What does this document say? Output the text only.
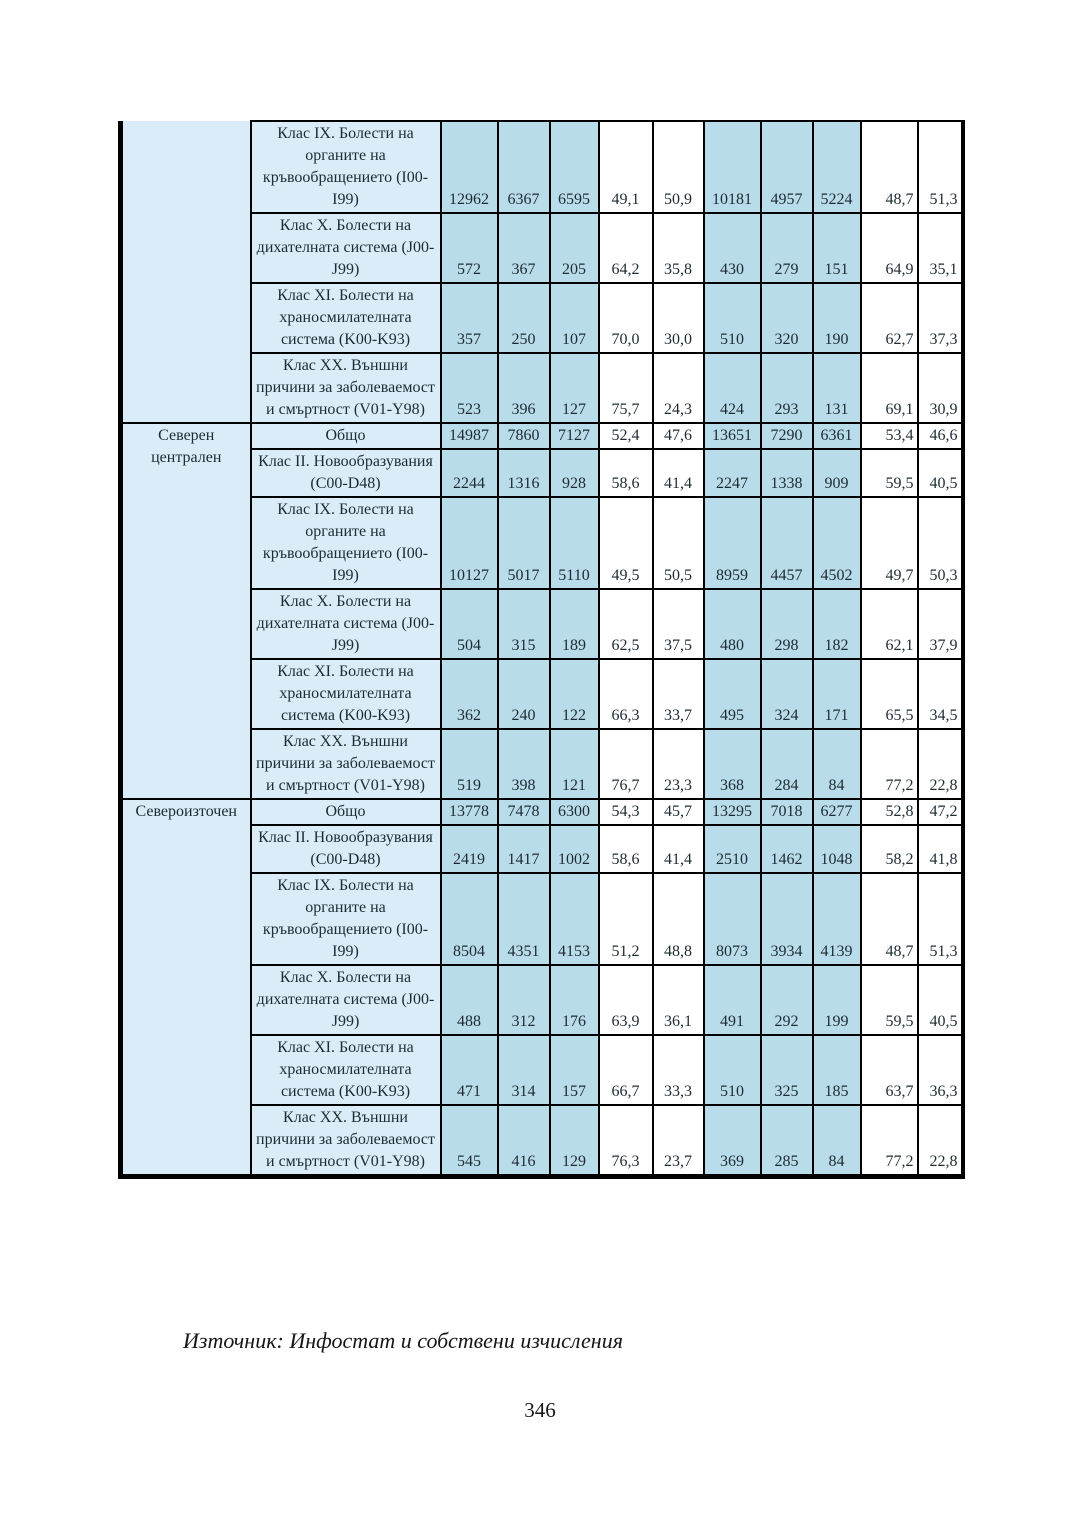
	Клас IX. Болести на органите на кръвообращението (I00-I99)	12962	6367	6595	49,1	50,9	10181	4957	5224	48,7	51,3
	Клас X. Болести на дихателната система (J00-J99)	572	367	205	64,2	35,8	430	279	151	64,9	35,1
	Клас XI. Болести на храносмилателната система (K00-K93)	357	250	107	70,0	30,0	510	320	190	62,7	37,3
	Клас XX. Външни причини за заболеваемост и смъртност (V01-Y98)	523	396	127	75,7	24,3	424	293	131	69,1	30,9
Северен централен	Общо	14987	7860	7127	52,4	47,6	13651	7290	6361	53,4	46,6
	Клас II. Новообразувания (C00-D48)	2244	1316	928	58,6	41,4	2247	1338	909	59,5	40,5
	Клас IX. Болести на органите на кръвообращението (I00-I99)	10127	5017	5110	49,5	50,5	8959	4457	4502	49,7	50,3
	Клас X. Болести на дихателната система (J00-J99)	504	315	189	62,5	37,5	480	298	182	62,1	37,9
	Клас XI. Болести на храносмилателната система (K00-K93)	362	240	122	66,3	33,7	495	324	171	65,5	34,5
	Клас XX. Външни причини за заболеваемост и смъртност (V01-Y98)	519	398	121	76,7	23,3	368	284	84	77,2	22,8
Североизточен	Общо	13778	7478	6300	54,3	45,7	13295	7018	6277	52,8	47,2
	Клас II. Новообразувания (C00-D48)	2419	1417	1002	58,6	41,4	2510	1462	1048	58,2	41,8
	Клас IX. Болести на органите на кръвообращението (I00-I99)	8504	4351	4153	51,2	48,8	8073	3934	4139	48,7	51,3
	Клас X. Болести на дихателната система (J00-J99)	488	312	176	63,9	36,1	491	292	199	59,5	40,5
	Клас XI. Болести на храносмилателната система (K00-K93)	471	314	157	66,7	33,3	510	325	185	63,7	36,3
	Клас XX. Външни причини за заболеваемост и смъртност (V01-Y98)	545	416	129	76,3	23,7	369	285	84	77,2	22,8
Източник: Инфостат и собствени изчисления
346
